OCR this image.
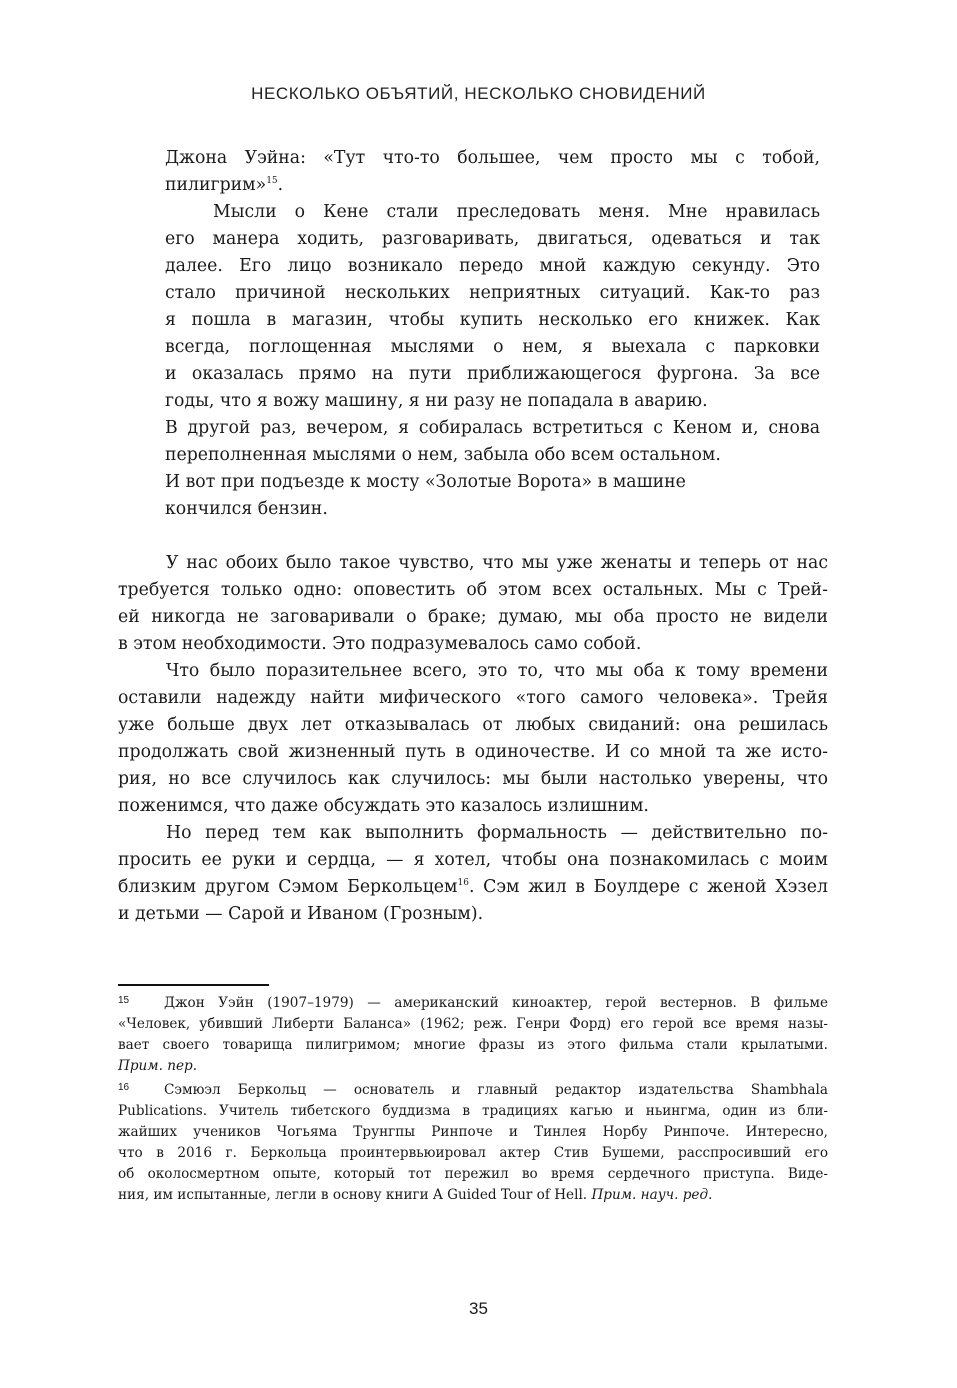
НЕСКОЛЬКО ОБЪЯТИЙ, НЕСКОЛЬКО СНОВИДЕНИЙ
Джона Уэйна: «Тут что-то большее, чем просто мы с тобой,
пилигрим»$^{15}$.
Мысли о Кене стали преследовать меня. Мне нравилась
его манера ходить, разговаривать, двигаться, одеваться и так
далее. Его лицо возникало передо мной каждую секунду. Это
стало причиной нескольких неприятных ситуаций. Как-то раз
я пошла в магазин, чтобы купить несколько его книжек. Как
всегда, поглощенная мыслями о нем, я выехала с парковки
и оказалась прямо на пути приближающегося фургона. За все
годы, что я вожу машину, я ни разу не попадала в аварию.
В другой раз, вечером, я собиралась встретиться с Кеном и, снова
переполненная мыслями о нем, забыла обо всем остальном.
И вот при подъезде к мосту «Золотые Ворота» в машине
кончился бензин.
У нас обоих было такое чувство, что мы уже женаты и теперь от нас
требуется только одно: оповестить об этом всех остальных. Мы с Трей-
ей никогда не заговаривали о браке; думаю, мы оба просто не видели
в этом необходимости. Это подразумевалось само собой.
Что было поразительнее всего, это то, что мы оба к тому времени
оставили надежду найти мифического «того самого человека». Трейя
уже больше двух лет отказывалась от любых свиданий: она решилась
продолжать свой жизненный путь в одиночестве. И со мной та же исто-
рия, но все случилось как случилось: мы были настолько уверены, что
поженимся, что даже обсуждать это казалось излишним.
Но перед тем как выполнить формальность — действительно по-
просить ее руки и сердца, — я хотел, чтобы она познакомилась с моим
близким другом Сэмом Беркольцем$^{16}$. Сэм жил в Боулдере с женой Хэзел
и детьми — Сарой и Иваном (Грозным).
15	Джон Уэйн (1907–1979) — американский киноактер, герой вестернов. В фильме
«Человек, убивший Либерти Баланса» (1962; реж. Генри Форд) его герой все время назы-
вает своего товарища пилигримом; многие фразы из этого фильма стали крылатыми.
Прим. пер.
16	Сэмюэл Беркольц — основатель и главный редактор издательства Shambhala
Publications. Учитель тибетского буддизма в традициях кагью и ньингма, один из бли-
жайших учеников Чогьяма Трунгпы Ринпоче и Тинлея Норбу Ринпоче. Интересно,
что в 2016 г. Беркольца проинтервьюировал актер Стив Бушеми, расспросивший его
об околосмертном опыте, который тот пережил во время сердечного приступа. Виде-
ния, им испытанные, легли в основу книги A Guided Tour of Hell. Прим. науч. ред.
35
